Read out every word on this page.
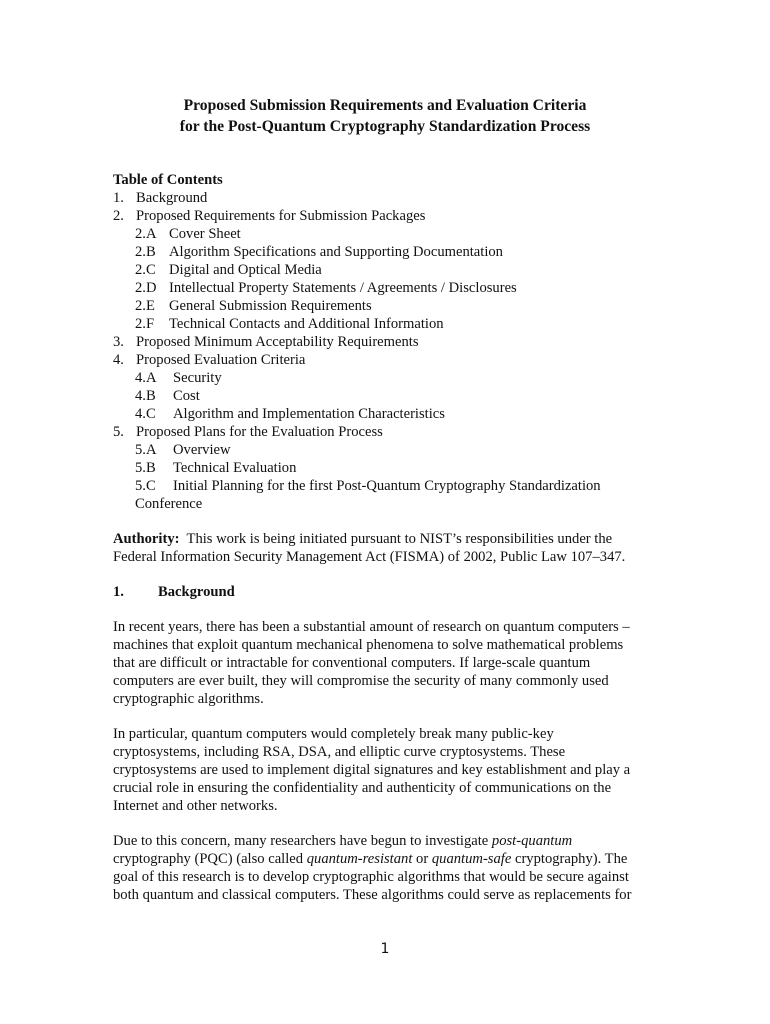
Proposed Submission Requirements and Evaluation Criteria
for the Post-Quantum Cryptography Standardization Process
Table of Contents
1. Background
2. Proposed Requirements for Submission Packages
2.A Cover Sheet
2.B Algorithm Specifications and Supporting Documentation
2.C Digital and Optical Media
2.D Intellectual Property Statements / Agreements / Disclosures
2.E General Submission Requirements
2.F Technical Contacts and Additional Information
3. Proposed Minimum Acceptability Requirements
4. Proposed Evaluation Criteria
4.A Security
4.B Cost
4.C Algorithm and Implementation Characteristics
5. Proposed Plans for the Evaluation Process
5.A Overview
5.B Technical Evaluation
5.C Initial Planning for the first Post-Quantum Cryptography Standardization
Conference
Authority: This work is being initiated pursuant to NIST’s responsibilities under the
Federal Information Security Management Act (FISMA) of 2002, Public Law 107–347.
1. Background
In recent years, there has been a substantial amount of research on quantum computers –
machines that exploit quantum mechanical phenomena to solve mathematical problems
that are difficult or intractable for conventional computers. If large-scale quantum
computers are ever built, they will compromise the security of many commonly used
cryptographic algorithms.
In particular, quantum computers would completely break many public-key
cryptosystems, including RSA, DSA, and elliptic curve cryptosystems. These
cryptosystems are used to implement digital signatures and key establishment and play a
crucial role in ensuring the confidentiality and authenticity of communications on the
Internet and other networks.
Due to this concern, many researchers have begun to investigate post-quantum
cryptography (PQC) (also called quantum-resistant or quantum-safe cryptography). The
goal of this research is to develop cryptographic algorithms that would be secure against
both quantum and classical computers. These algorithms could serve as replacements for
1
